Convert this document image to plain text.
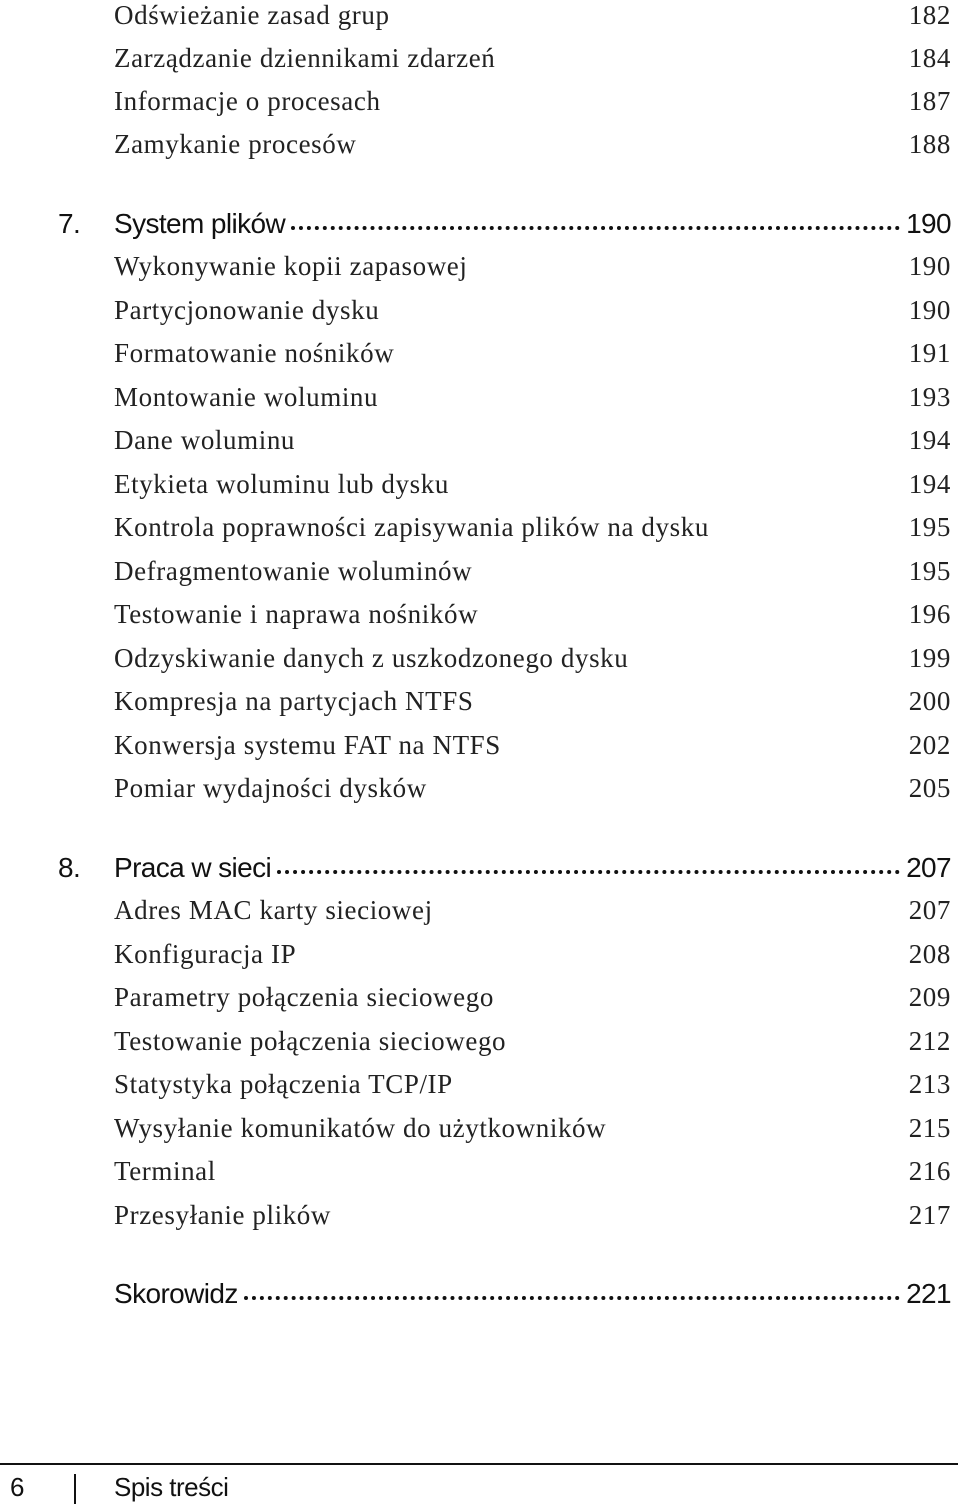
Odświeżanie zasad grup	182
Zarządzanie dziennikami zdarzeń	184
Informacje o procesach	187
Zamykanie procesów	188
7. System plików	190
Wykonywanie kopii zapasowej	190
Partycjonowanie dysku	190
Formatowanie nośników	191
Montowanie woluminu	193
Dane woluminu	194
Etykieta woluminu lub dysku	194
Kontrola poprawności zapisywania plików na dysku	195
Defragmentowanie woluminów	195
Testowanie i naprawa nośników	196
Odzyskiwanie danych z uszkodzonego dysku	199
Kompresja na partycjach NTFS	200
Konwersja systemu FAT na NTFS	202
Pomiar wydajności dysków	205
8. Praca w sieci	207
Adres MAC karty sieciowej	207
Konfiguracja IP	208
Parametry połączenia sieciowego	209
Testowanie połączenia sieciowego	212
Statystyka połączenia TCP/IP	213
Wysyłanie komunikatów do użytkowników	215
Terminal	216
Przesyłanie plików	217
Skorowidz	221
6	Spis treści
